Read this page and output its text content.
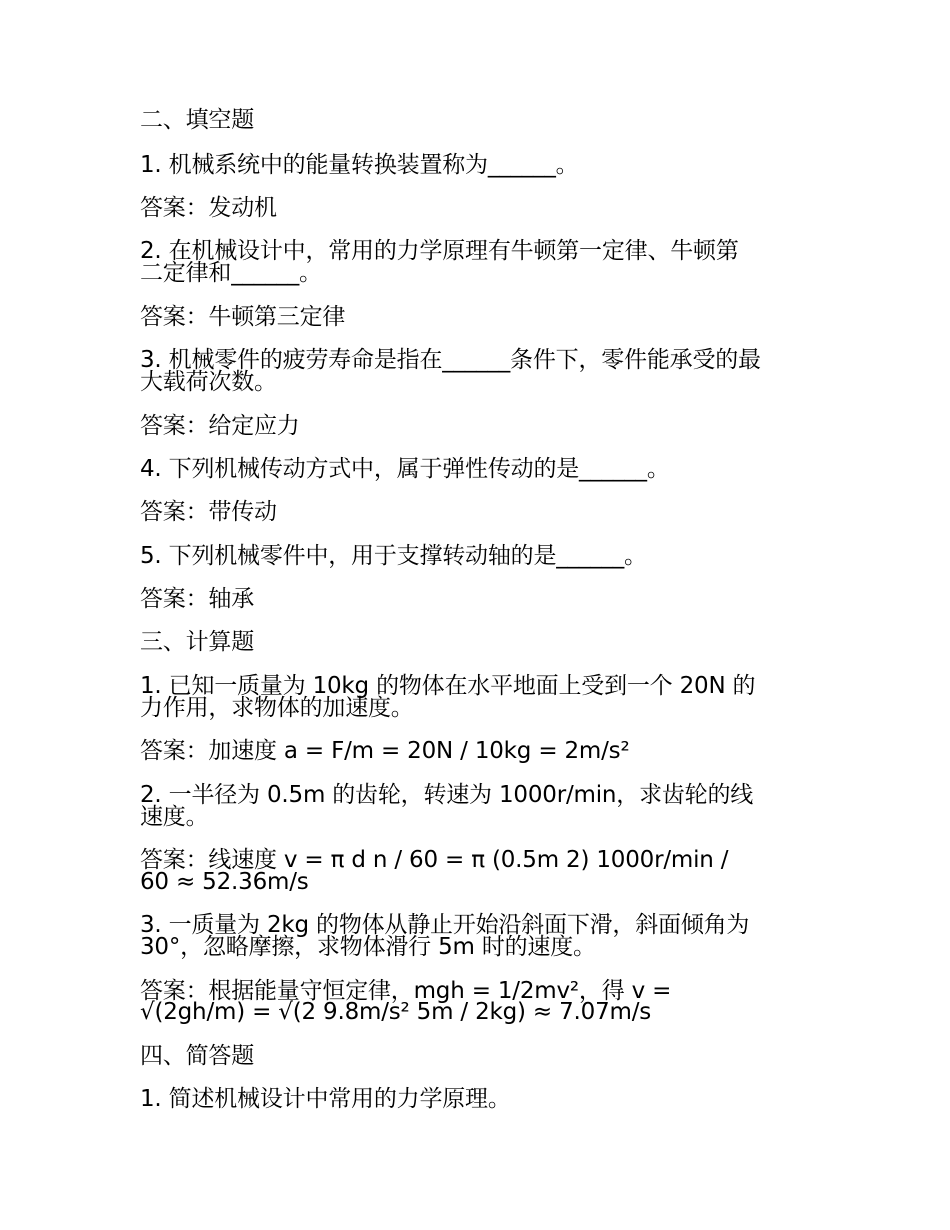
二、填空题
1. 机械系统中的能量转换装置称为______。
答案：发动机
2. 在机械设计中，常用的力学原理有牛顿第一定律、牛顿第
二定律和______。
答案：牛顿第三定律
3. 机械零件的疲劳寿命是指在______条件下，零件能承受的最
大载荷次数。
答案：给定应力
4. 下列机械传动方式中，属于弹性传动的是______。
答案：带传动
5. 下列机械零件中，用于支撑转动轴的是______。
答案：轴承
三、计算题
1. 已知一质量为 10kg 的物体在水平地面上受到一个 20N 的
力作用，求物体的加速度。
答案：加速度 a = F/m = 20N / 10kg = 2m/s²
2. 一半径为 0.5m 的齿轮，转速为 1000r/min，求齿轮的线
速度。
答案：线速度 v = π d n / 60 = π (0.5m 2) 1000r/min /
60 ≈ 52.36m/s
3. 一质量为 2kg 的物体从静止开始沿斜面下滑，斜面倾角为
30°，忽略摩擦，求物体滑行 5m 时的速度。
答案：根据能量守恒定律，mgh = 1/2mv²，得 v =
√(2gh/m) = √(2 9.8m/s² 5m / 2kg) ≈ 7.07m/s
四、简答题
1. 简述机械设计中常用的力学原理。
